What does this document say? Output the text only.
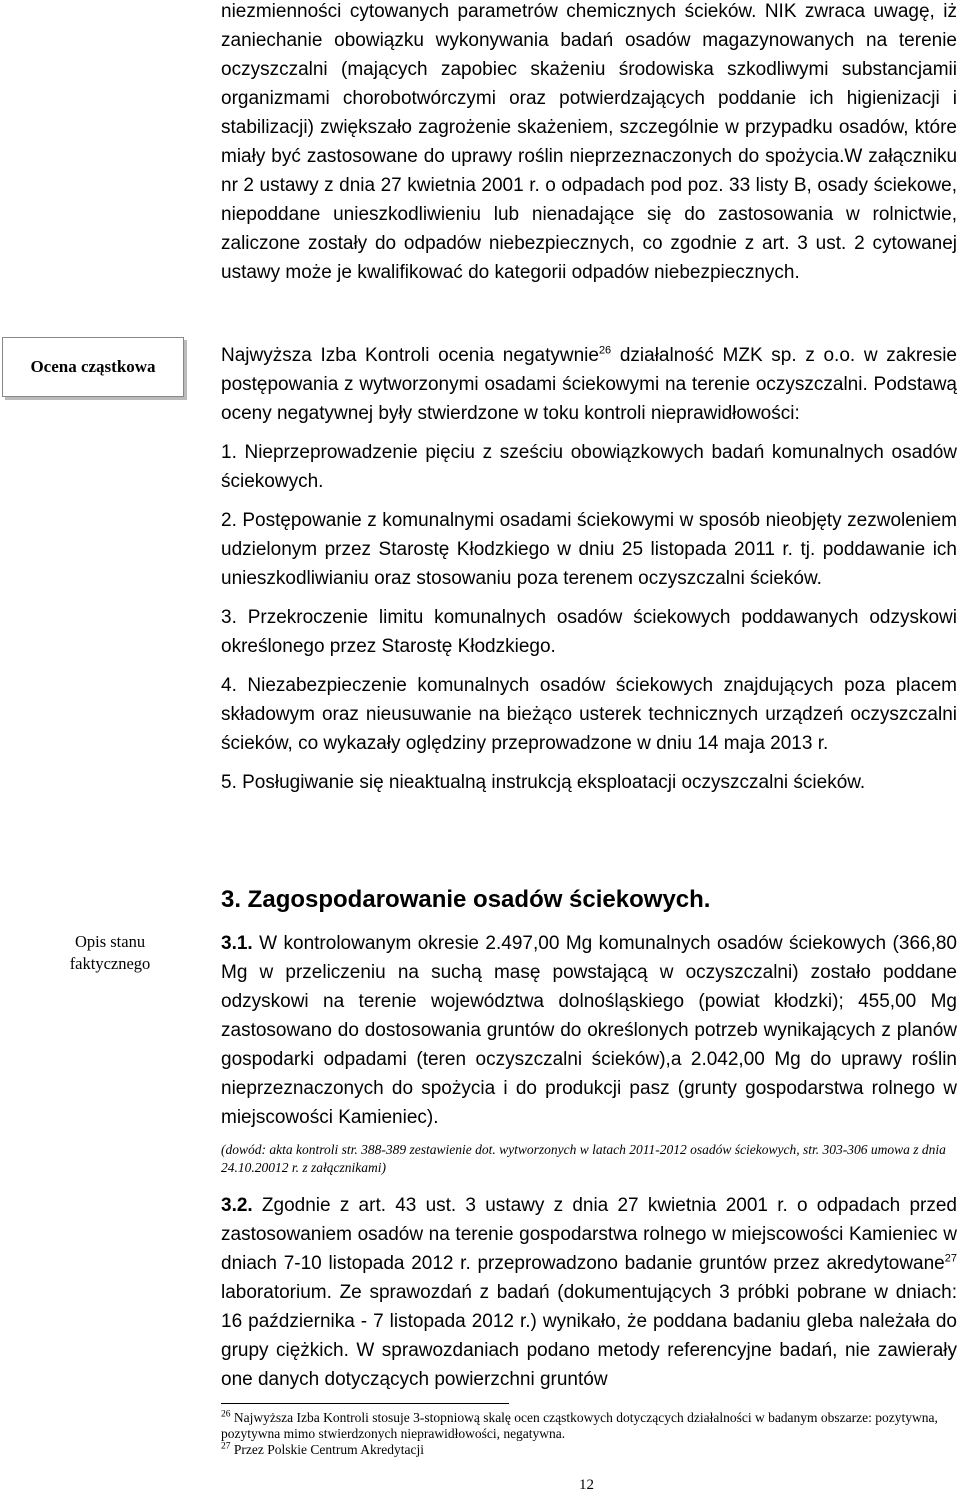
niezmienności cytowanych parametrów chemicznych ścieków. NIK zwraca uwagę, iż zaniechanie obowiązku wykonywania badań osadów magazynowanych na terenie oczyszczalni (mających zapobiec skażeniu środowiska szkodliwymi substancjamii organizmami chorobotwórczymi oraz potwierdzających poddanie ich higienizacji i stabilizacji) zwiększało zagrożenie skażeniem, szczególnie w przypadku osadów, które miały być zastosowane do uprawy roślin nieprzeznaczonych do spożycia.W załączniku nr 2 ustawy z dnia 27 kwietnia 2001 r. o odpadach pod poz. 33 listy B, osady ściekowe, niepoddane unieszkodliwieniu lub nienadające się do zastosowania w rolnictwie, zaliczone zostały do odpadów niebezpiecznych, co zgodnie z art. 3 ust. 2 cytowanej ustawy może je kwalifikować do kategorii odpadów niebezpiecznych.

Ocena cząstkowa

Najwyższa Izba Kontroli ocenia negatywnie$^{26}$ działalność MZK sp. z o.o. w zakresie postępowania z wytworzonymi osadami ściekowymi na terenie oczyszczalni. Podstawą oceny negatywnej były stwierdzone w toku kontroli nieprawidłowości:

1. Nieprzeprowadzenie pięciu z sześciu obowiązkowych badań komunalnych osadów ściekowych.

2. Postępowanie z komunalnymi osadami ściekowymi w sposób nieobjęty zezwoleniem udzielonym przez Starostę Kłodzkiego w dniu 25 listopada 2011 r. tj. poddawanie ich unieszkodliwianiu oraz stosowaniu poza terenem oczyszczalni ścieków.

3. Przekroczenie limitu komunalnych osadów ściekowych poddawanych odzyskowi określonego przez Starostę Kłodzkiego.

4. Niezabezpieczenie komunalnych osadów ściekowych znajdujących poza placem składowym oraz nieusuwanie na bieżąco usterek technicznych urządzeń oczyszczalni ścieków, co wykazały oględziny przeprowadzone w dniu 14 maja 2013 r.

5. Posługiwanie się nieaktualną instrukcją eksploatacji oczyszczalni ścieków.

3. Zagospodarowanie osadów ściekowych.

Opis stanu
faktycznego

3.1. W kontrolowanym okresie 2.497,00 Mg komunalnych osadów ściekowych (366,80 Mg w przeliczeniu na suchą masę powstającą w oczyszczalni) zostało poddane odzyskowi na terenie województwa dolnośląskiego (powiat kłodzki); 455,00 Mg zastosowano do dostosowania gruntów do określonych potrzeb wynikających z planów gospodarki odpadami (teren oczyszczalni ścieków),a 2.042,00 Mg do uprawy roślin nieprzeznaczonych do spożycia i do produkcji pasz (grunty gospodarstwa rolnego w miejscowości Kamieniec).

(dowód: akta kontroli str. 388-389 zestawienie dot. wytworzonych w latach 2011-2012 osadów ściekowych, str. 303-306 umowa z dnia 24.10.20012 r. z załącznikami)

3.2. Zgodnie z art. 43 ust. 3 ustawy z dnia 27 kwietnia 2001 r. o odpadach przed zastosowaniem osadów na terenie gospodarstwa rolnego w miejscowości Kamieniec w dniach 7-10 listopada 2012 r. przeprowadzono badanie gruntów przez akredytowane$^{27}$ laboratorium. Ze sprawozdań z badań (dokumentujących 3 próbki pobrane w dniach: 16 października - 7 listopada 2012 r.) wynikało, że poddana badaniu gleba należała do grupy ciężkich. W sprawozdaniach podano metody referencyjne badań, nie zawierały one danych dotyczących powierzchni gruntów

$^{26}$ Najwyższa Izba Kontroli stosuje 3-stopniową skalę ocen cząstkowych dotyczących działalności w badanym obszarze: pozytywna, pozytywna mimo stwierdzonych nieprawidłowości, negatywna.
$^{27}$ Przez Polskie Centrum Akredytacji
12
